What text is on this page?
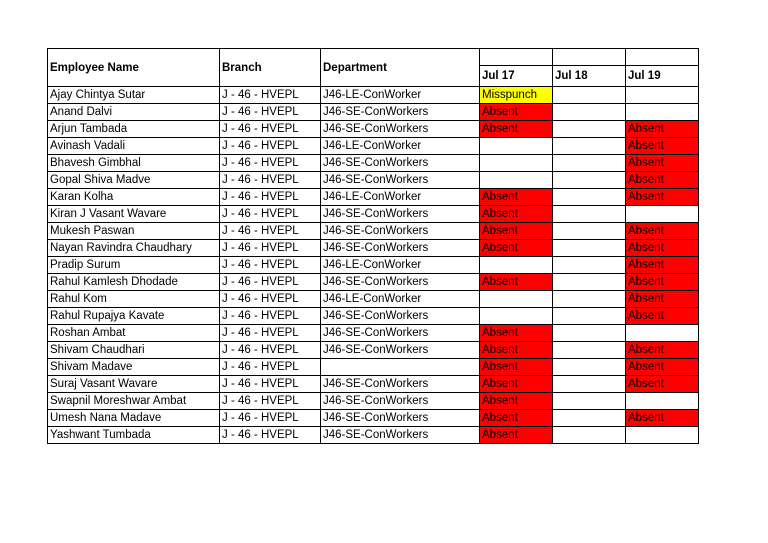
Employee Name	Branch	Department	Jul 17	Jul 18	Jul 19

Ajay Chintya Sutar	J - 46 - HVEPL	J46-LE-ConWorker	Misspunch		
Anand Dalvi	J - 46 - HVEPL	J46-SE-ConWorkers	Absent		
Arjun Tambada	J - 46 - HVEPL	J46-SE-ConWorkers	Absent		Absent
Avinash Vadali	J - 46 - HVEPL	J46-LE-ConWorker			Absent
Bhavesh Gimbhal	J - 46 - HVEPL	J46-SE-ConWorkers			Absent
Gopal Shiva Madve	J - 46 - HVEPL	J46-SE-ConWorkers			Absent
Karan Kolha	J - 46 - HVEPL	J46-LE-ConWorker	Absent		Absent
Kiran J Vasant Wavare	J - 46 - HVEPL	J46-SE-ConWorkers	Absent		
Mukesh Paswan	J - 46 - HVEPL	J46-SE-ConWorkers	Absent		Absent
Nayan Ravindra Chaudhary	J - 46 - HVEPL	J46-SE-ConWorkers	Absent		Absent
Pradip Surum	J - 46 - HVEPL	J46-LE-ConWorker			Absent
Rahul Kamlesh Dhodade	J - 46 - HVEPL	J46-SE-ConWorkers	Absent		Absent
Rahul Kom	J - 46 - HVEPL	J46-LE-ConWorker			Absent
Rahul Rupajya Kavate	J - 46 - HVEPL	J46-SE-ConWorkers			Absent
Roshan Ambat	J - 46 - HVEPL	J46-SE-ConWorkers	Absent		
Shivam Chaudhari	J - 46 - HVEPL	J46-SE-ConWorkers	Absent		Absent
Shivam Madave	J - 46 - HVEPL		Absent		Absent
Suraj Vasant Wavare	J - 46 - HVEPL	J46-SE-ConWorkers	Absent		Absent
Swapnil Moreshwar Ambat	J - 46 - HVEPL	J46-SE-ConWorkers	Absent		
Umesh Nana Madave	J - 46 - HVEPL	J46-SE-ConWorkers	Absent		Absent
Yashwant Tumbada	J - 46 - HVEPL	J46-SE-ConWorkers	Absent		
